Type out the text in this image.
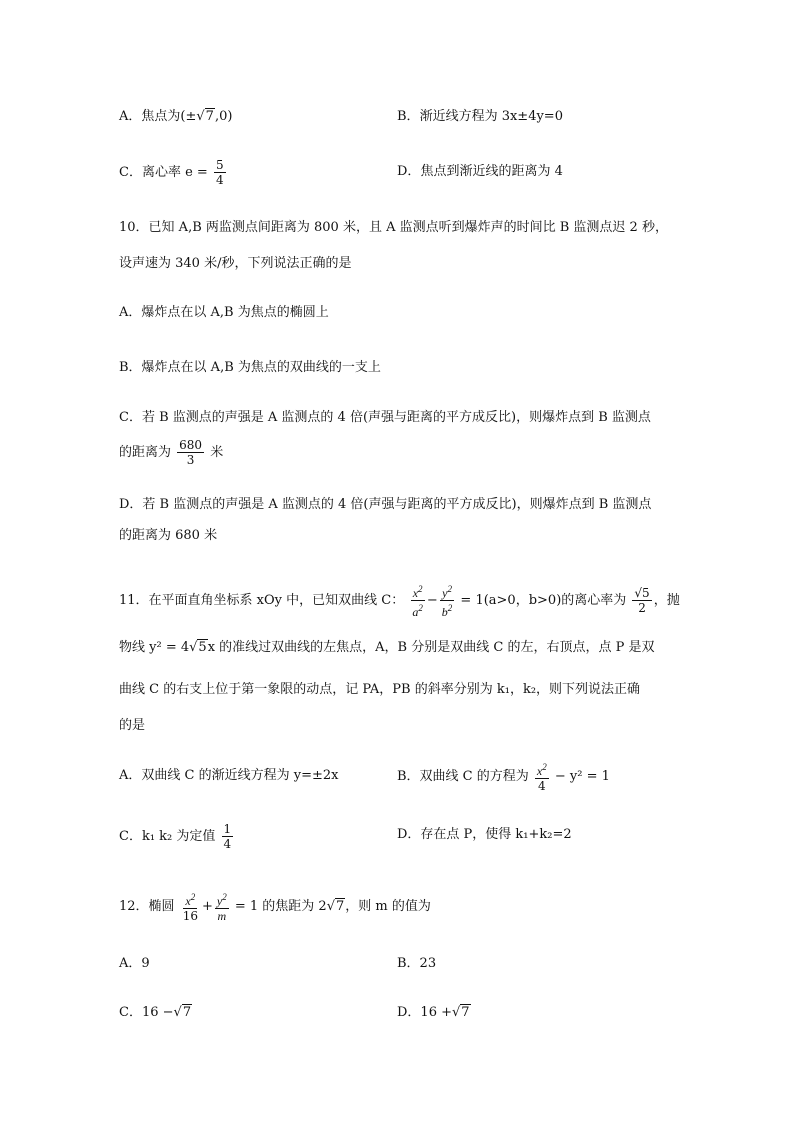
A．焦点为(±√7,0)	B．渐近线方程为 3x±4y=0
C．离心率 $e = \frac{5}{4}$	D．焦点到渐近线的距离为 4
10．已知 A,B 两监测点间距离为 800 米，且 A 监测点听到爆炸声的时间比 B 监测点迟 2 秒，
设声速为 340 米/秒，下列说法正确的是
A．爆炸点在以 A,B 为焦点的椭圆上
B．爆炸点在以 A,B 为焦点的双曲线的一支上
C．若 B 监测点的声强是 A 监测点的 4 倍(声强与距离的平方成反比)，则爆炸点到 B 监测点
的距离为 $\frac{680}{3}$ 米
D．若 B 监测点的声强是 A 监测点的 4 倍(声强与距离的平方成反比)，则爆炸点到 B 监测点
的距离为 680 米
11．在平面直角坐标系 xOy 中，已知双曲线 C： $\frac{x^2}{a^2} - \frac{y^2}{b^2} = 1(a>0$，b>0)的离心率为 $\frac{√5}{2}$ ，抛
物线 y² = 4√5x 的准线过双曲线的左焦点，A，B 分别是双曲线 C 的左，右顶点，点 P 是双
曲线 C 的右支上位于第一象限的动点，记 PA，PB 的斜率分别为 k₁，k₂，则下列说法正确
的是
A．双曲线 C 的渐近线方程为 y=±2x	B．双曲线 C 的方程为 $\frac{x^2}{4} - y^2 = 1$
C．k₁ k₂ 为定值 $\frac{1}{4}$	D．存在点 P，使得 k₁+k₂=2
12．椭圆 $\frac{x^2}{16} + \frac{y^2}{m} = 1$ 的焦距为 2√7，则 m 的值为
A．9	B．23
C．16 −√7	D．16 +√7
